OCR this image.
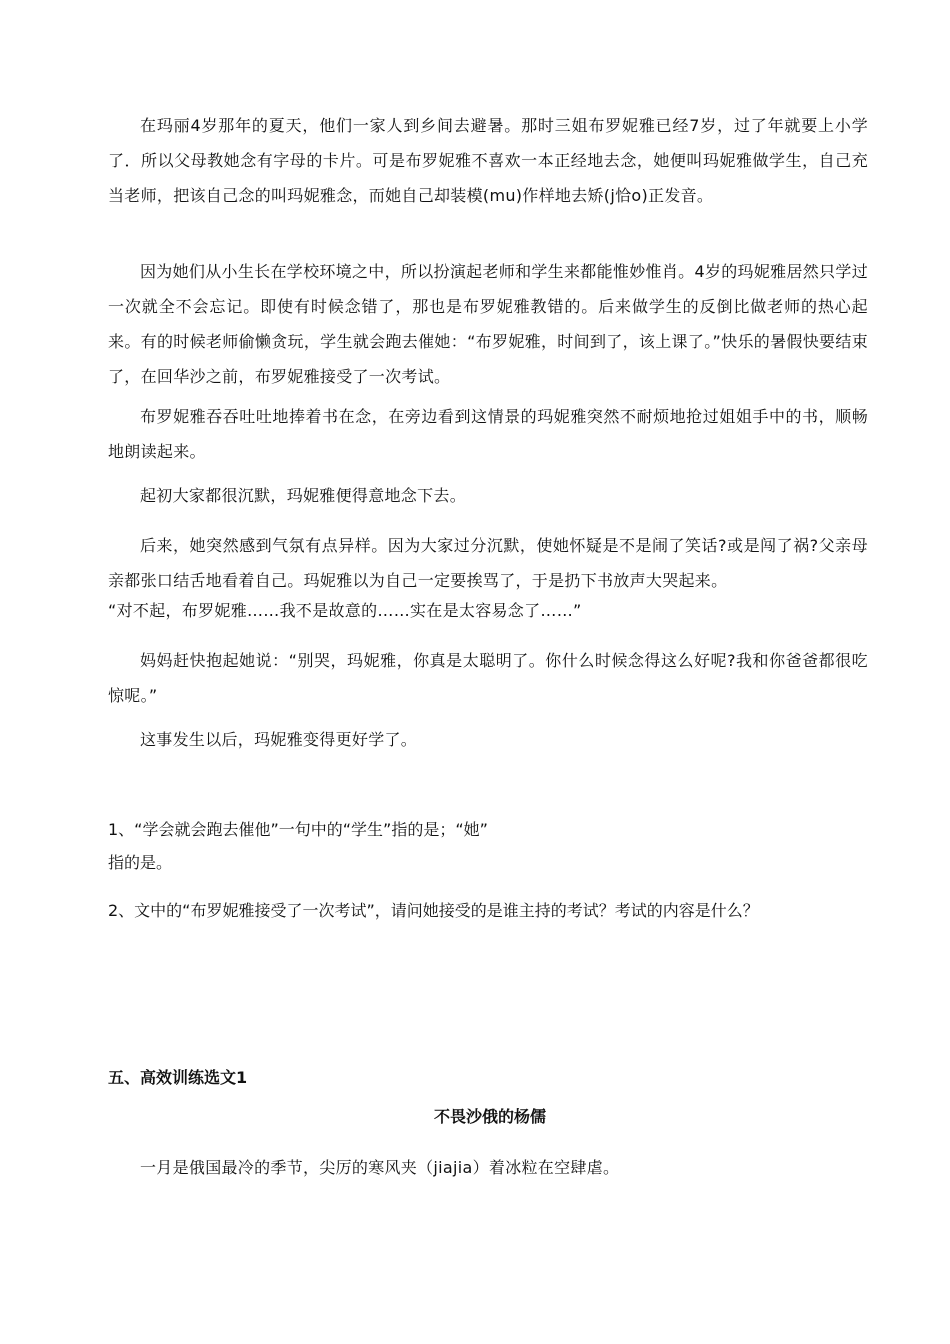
在玛丽4岁那年的夏天，他们一家人到乡间去避暑。那时三姐布罗妮雅已经7岁，过了年就要上小学了．所以父母教她念有字母的卡片。可是布罗妮雅不喜欢一本正经地去念，她便叫玛妮雅做学生，自己充当老师，把该自己念的叫玛妮雅念，而她自己却装模(mu)作样地去矫(j恰o)正发音。

因为她们从小生长在学校环境之中，所以扮演起老师和学生来都能惟妙惟肖。4岁的玛妮雅居然只学过一次就全不会忘记。即使有时候念错了，那也是布罗妮雅教错的。后来做学生的反倒比做老师的热心起来。有的时候老师偷懒贪玩，学生就会跑去催她：“布罗妮雅，时间到了，该上课了。”快乐的暑假快要结束了，在回华沙之前，布罗妮雅接受了一次考试。

布罗妮雅吞吞吐吐地捧着书在念，在旁边看到这情景的玛妮雅突然不耐烦地抢过姐姐手中的书，顺畅地朗读起来。

起初大家都很沉默，玛妮雅便得意地念下去。

后来，她突然感到气氛有点异样。因为大家过分沉默，使她怀疑是不是闹了笑话?或是闯了祸?父亲母亲都张口结舌地看着自己。玛妮雅以为自己一定要挨骂了，于是扔下书放声大哭起来。

“对不起，布罗妮雅……我不是故意的……实在是太容易念了……”

妈妈赶快抱起她说：“别哭，玛妮雅，你真是太聪明了。你什么时候念得这么好呢?我和你爸爸都很吃惊呢。”

这事发生以后，玛妮雅变得更好学了。

1、“学会就会跑去催他”一句中的“学生”指的是；“她”

指的是。

2、文中的“布罗妮雅接受了一次考试”，请问她接受的是谁主持的考试？考试的内容是什么？

五、高效训练选文1

不畏沙俄的杨儒

一月是俄国最冷的季节，尖厉的寒风夹（jiajia）着冰粒在空肆虐。
